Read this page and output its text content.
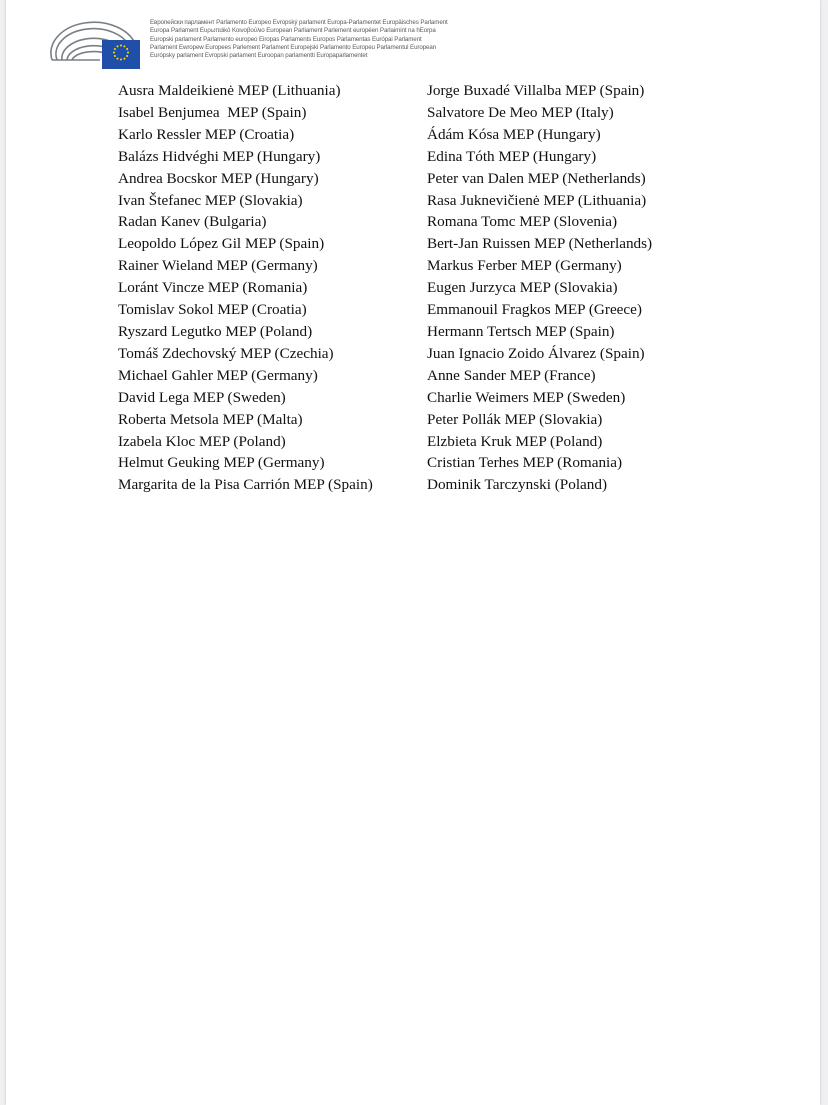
Европейски парламент Parlamento Europeo Evropský parlament Europa-Parlamentet Europäisches Parlament
Europa Parlament Ευρωπαϊκό Κοινοβούλιο European Parliament Parlement européen Parlaimint na hEorpa
Europski parlament Parlamento europeo Eiropas Parlaments Europos Parlamentas Európai Parlament
Parlament Ewropew Europees Parlement Parlament Europejski Parlamento Europeu Parlamentul European
Európsky parlament Evropski parlament Euroopan parlamentti Europaparlamentet
Ausra Maldeikienė MEP (Lithuania)
Isabel Benjumea  MEP (Spain)
Karlo Ressler MEP (Croatia)
Balázs Hidvéghi MEP (Hungary)
Andrea Bocskor MEP (Hungary)
Ivan Štefanec MEP (Slovakia)
Radan Kanev (Bulgaria)
Leopoldo López Gil MEP (Spain)
Rainer Wieland MEP (Germany)
Loránt Vincze MEP (Romania)
Tomislav Sokol MEP (Croatia)
Ryszard Legutko MEP (Poland)
Tomáš Zdechovský MEP (Czechia)
Michael Gahler MEP (Germany)
David Lega MEP (Sweden)
Roberta Metsola MEP (Malta)
Izabela Kloc MEP (Poland)
Helmut Geuking MEP (Germany)
Margarita de la Pisa Carrión MEP (Spain)
Jorge Buxadé Villalba MEP (Spain)
Salvatore De Meo MEP (Italy)
Ádám Kósa MEP (Hungary)
Edina Tóth MEP (Hungary)
Peter van Dalen MEP (Netherlands)
Rasa Juknevičienė MEP (Lithuania)
Romana Tomc MEP (Slovenia)
Bert-Jan Ruissen MEP (Netherlands)
Markus Ferber MEP (Germany)
Eugen Jurzyca MEP (Slovakia)
Emmanouil Fragkos MEP (Greece)
Hermann Tertsch MEP (Spain)
Juan Ignacio Zoido Álvarez (Spain)
Anne Sander MEP (France)
Charlie Weimers MEP (Sweden)
Peter Pollák MEP (Slovakia)
Elzbieta Kruk MEP (Poland)
Cristian Terhes MEP (Romania)
Dominik Tarczynski (Poland)
